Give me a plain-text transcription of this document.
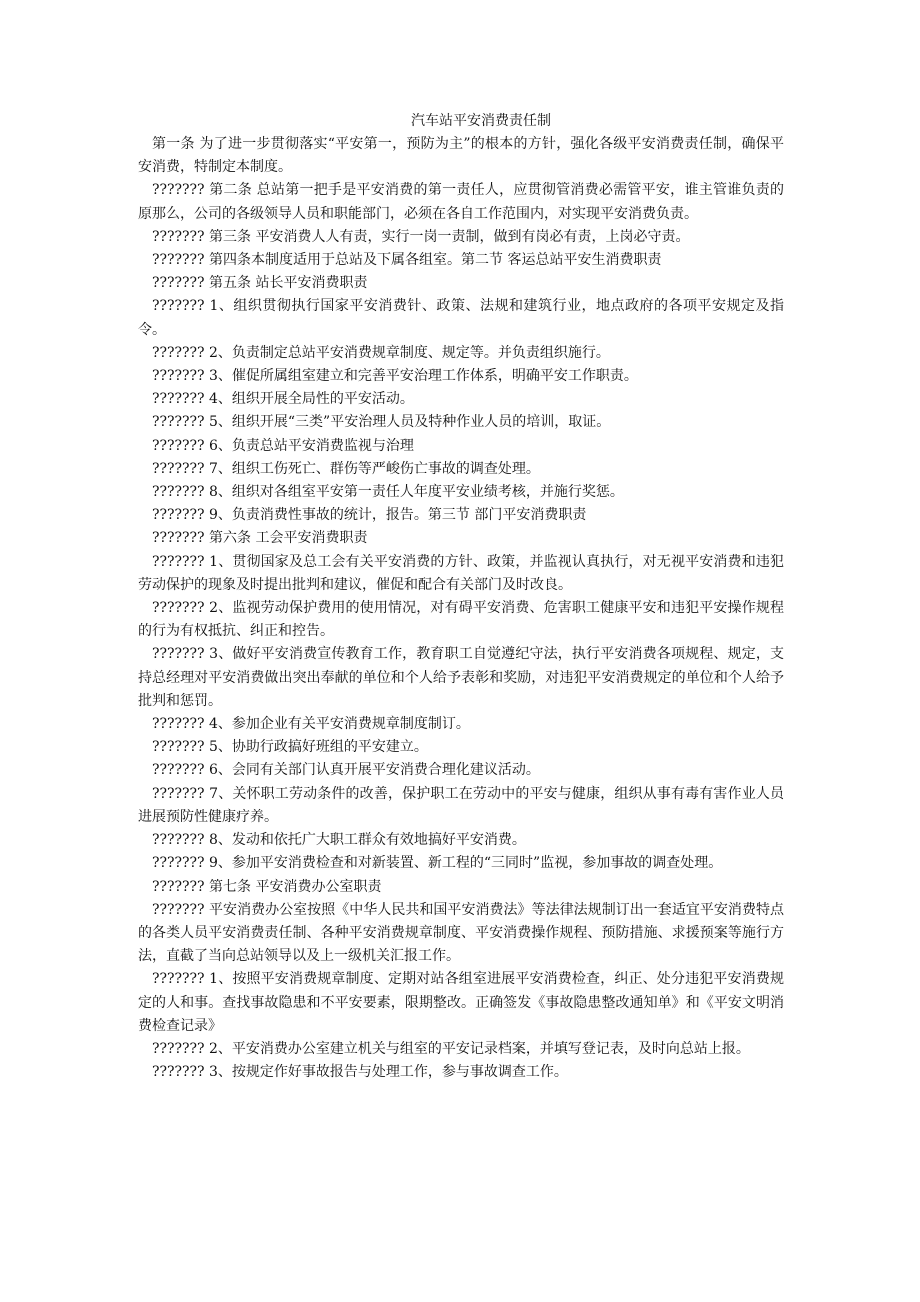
汽车站平安消费责任制

第一条 为了进一步贯彻落实“平安第一，预防为主”的根本的方针，强化各级平安消费责任制，确保平安消费，特制定本制度。

??????? 第二条 总站第一把手是平安消费的第一责任人，应贯彻管消费必需管平安，谁主管谁负责的原那么，公司的各级领导人员和职能部门，必须在各自工作范围内，对实现平安消费负责。

??????? 第三条 平安消费人人有责，实行一岗一责制，做到有岗必有责，上岗必守责。

??????? 第四条本制度适用于总站及下属各组室。第二节 客运总站平安生消费职责

??????? 第五条 站长平安消费职责

??????? 1、组织贯彻执行国家平安消费针、政策、法规和建筑行业，地点政府的各项平安规定及指令。

??????? 2、负责制定总站平安消费规章制度、规定等。并负责组织施行。

??????? 3、催促所属组室建立和完善平安治理工作体系，明确平安工作职责。

??????? 4、组织开展全局性的平安活动。

??????? 5、组织开展“三类”平安治理人员及特种作业人员的培训，取证。

??????? 6、负责总站平安消费监视与治理

??????? 7、组织工伤死亡、群伤等严峻伤亡事故的调查处理。

??????? 8、组织对各组室平安第一责任人年度平安业绩考核，并施行奖惩。

??????? 9、负责消费性事故的统计，报告。第三节 部门平安消费职责

??????? 第六条 工会平安消费职责

??????? 1、贯彻国家及总工会有关平安消费的方针、政策，并监视认真执行，对无视平安消费和违犯劳动保护的现象及时提出批判和建议，催促和配合有关部门及时改良。

??????? 2、监视劳动保护费用的使用情况，对有碍平安消费、危害职工健康平安和违犯平安操作规程的行为有权抵抗、纠正和控告。

??????? 3、做好平安消费宣传教育工作，教育职工自觉遵纪守法，执行平安消费各项规程、规定，支持总经理对平安消费做出突出奉献的单位和个人给予表彰和奖励，对违犯平安消费规定的单位和个人给予批判和惩罚。

??????? 4、参加企业有关平安消费规章制度制订。

??????? 5、协助行政搞好班组的平安建立。

??????? 6、会同有关部门认真开展平安消费合理化建议活动。

??????? 7、关怀职工劳动条件的改善，保护职工在劳动中的平安与健康，组织从事有毒有害作业人员进展预防性健康疗养。

??????? 8、发动和依托广大职工群众有效地搞好平安消费。

??????? 9、参加平安消费检查和对新装置、新工程的“三同时”监视，参加事故的调查处理。

??????? 第七条 平安消费办公室职责

??????? 平安消费办公室按照《中华人民共和国平安消费法》等法律法规制订出一套适宜平安消费特点的各类人员平安消费责任制、各种平安消费规章制度、平安消费操作规程、预防措施、求援预案等施行方法，直截了当向总站领导以及上一级机关汇报工作。

??????? 1、按照平安消费规章制度、定期对站各组室进展平安消费检查，纠正、处分违犯平安消费规定的人和事。查找事故隐患和不平安要素，限期整改。正确签发《事故隐患整改通知单》和《平安文明消费检查记录》

??????? 2、平安消费办公室建立机关与组室的平安记录档案，并填写登记表，及时向总站上报。

??????? 3、按规定作好事故报告与处理工作，参与事故调查工作。
